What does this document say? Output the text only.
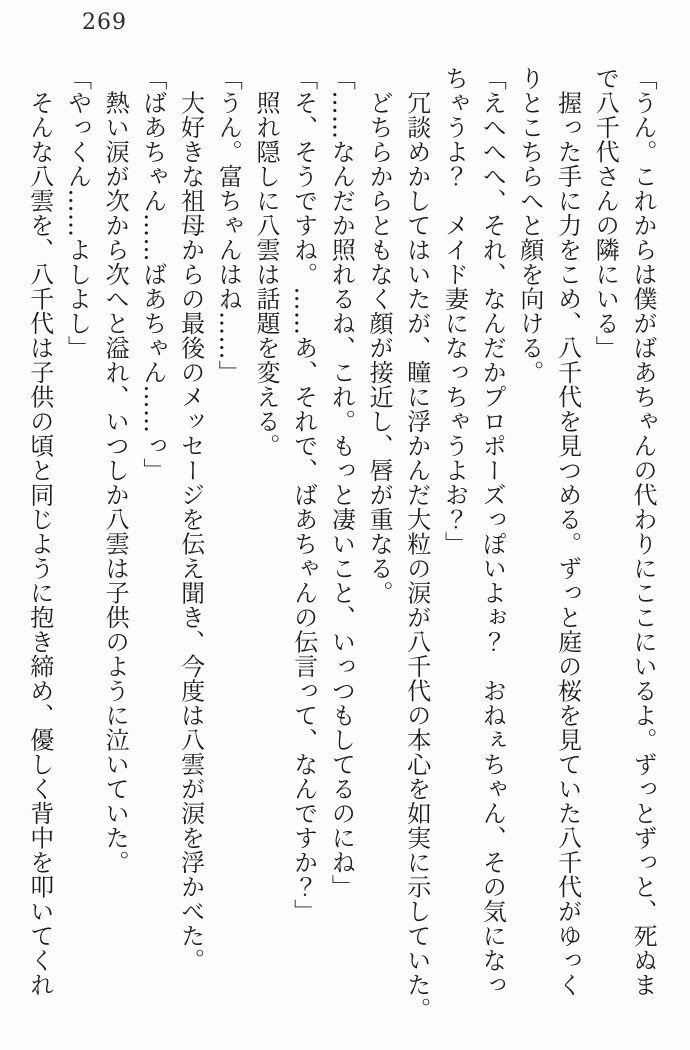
269
「うん。これからは僕がばあちゃんの代わりにここにいるよ。ずっとずっと、死ぬま
で八千代さんの隣にいる」
　握った手に力をこめ、八千代を見つめる。ずっと庭の桜を見ていた八千代がゆっく
りとこちらへと顔を向ける。
「えへへへ、それ、なんだかプロポーズっぽいよぉ？　おねぇちゃん、その気になっ
ちゃうよ？　メイド妻になっちゃうよお？」
　冗談めかしてはいたが、瞳に浮かんだ大粒の涙が八千代の本心を如実に示していた。
　どちらからともなく顔が接近し、唇が重なる。
「……なんだか照れるね、これ。もっと凄いこと、いっつもしてるのにね」
「そ、そうですね。……あ、それで、ばあちゃんの伝言って、なんですか？」
　照れ隠しに八雲は話題を変える。
「うん。富ちゃんはね……」
　大好きな祖母からの最後のメッセージを伝え聞き、今度は八雲が涙を浮かべた。
「ばあちゃん……ばあちゃん……っ」
　熱い涙が次から次へと溢れ、いつしか八雲は子供のように泣いていた。
「やっくん……よしよし」
　そんな八雲を、八千代は子供の頃と同じように抱き締め、優しく背中を叩いてくれ
